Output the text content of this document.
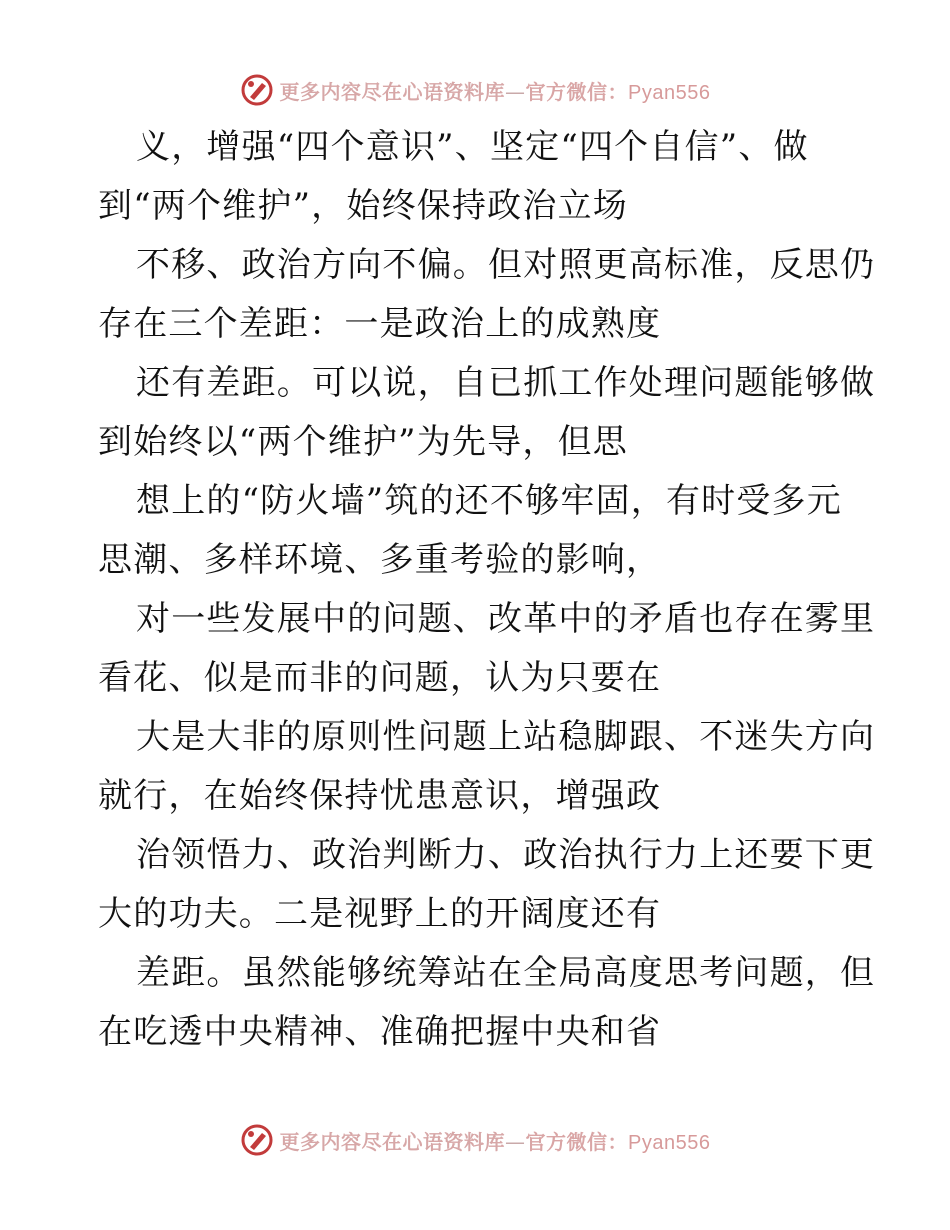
更多内容尽在心语资料库—官方微信：Pyan556

义，增强“四个意识”、坚定“四个自信”、做
到“两个维护”，始终保持政治立场

不移、政治方向不偏。但对照更高标准，反思仍
存在三个差距：一是政治上的成熟度

还有差距。可以说，自已抓工作处理问题能够做
到始终以“两个维护”为先导，但思

想上的“防火墙”筑的还不够牢固，有时受多元
思潮、多样环境、多重考验的影响，

对一些发展中的问题、改革中的矛盾也存在雾里
看花、似是而非的问题，认为只要在

大是大非的原则性问题上站稳脚跟、不迷失方向
就行，在始终保持忧患意识，增强政

治领悟力、政治判断力、政治执行力上还要下更
大的功夫。二是视野上的开阔度还有

差距。虽然能够统筹站在全局高度思考问题，但
在吃透中央精神、准确把握中央和省

更多内容尽在心语资料库—官方微信：Pyan556
